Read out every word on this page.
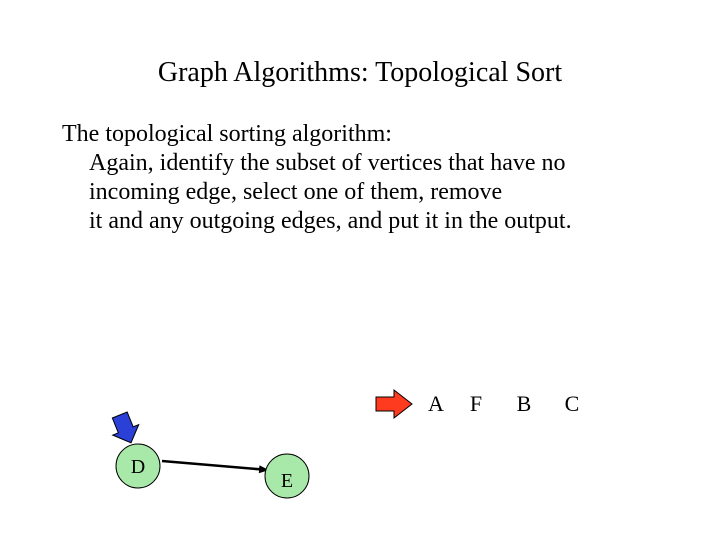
Graph Algorithms: Topological Sort
The topological sorting algorithm:
Again, identify the subset of vertices that have no
incoming edge, select one of them, remove
it and any outgoing edges, and put it in the output.
D
E
A F B C
